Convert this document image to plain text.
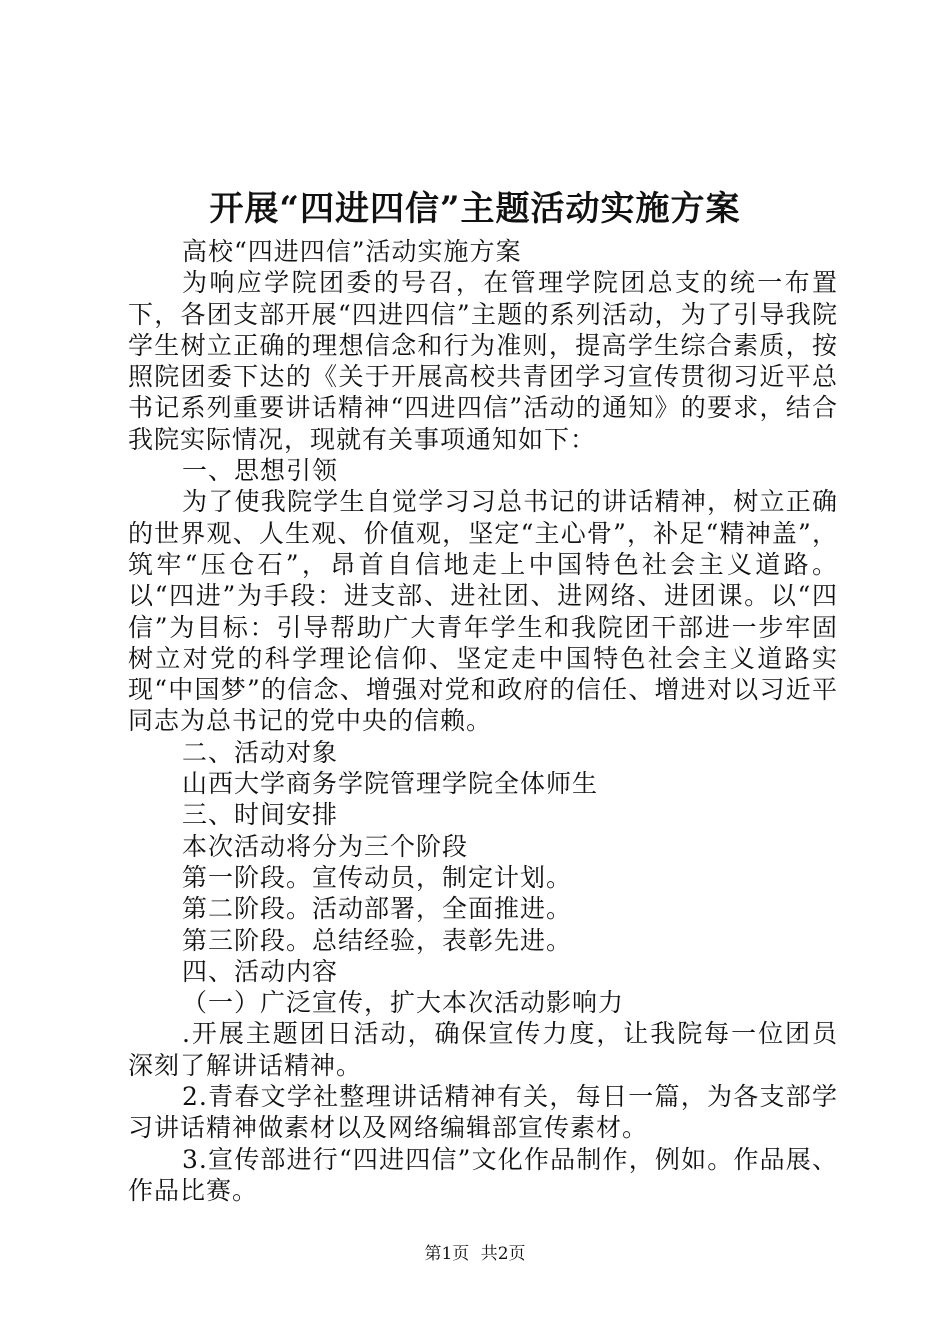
开展“四进四信”主题活动实施方案

高校“四进四信”活动实施方案

为响应学院团委的号召，在管理学院团总支的统一布置下，各团支部开展“四进四信”主题的系列活动，为了引导我院学生树立正确的理想信念和行为准则，提高学生综合素质，按照院团委下达的《关于开展高校共青团学习宣传贯彻习近平总书记系列重要讲话精神“四进四信”活动的通知》的要求，结合我院实际情况，现就有关事项通知如下：

一、思想引领

为了使我院学生自觉学习习总书记的讲话精神，树立正确的世界观、人生观、价值观，坚定“主心骨”，补足“精神盖”，筑牢“压仓石”，昂首自信地走上中国特色社会主义道路。以“四进”为手段：进支部、进社团、进网络、进团课。以“四信”为目标：引导帮助广大青年学生和我院团干部进一步牢固树立对党的科学理论信仰、坚定走中国特色社会主义道路实现“中国梦”的信念、增强对党和政府的信任、增进对以习近平同志为总书记的党中央的信赖。

二、活动对象

山西大学商务学院管理学院全体师生

三、时间安排

本次活动将分为三个阶段

第一阶段。宣传动员，制定计划。

第二阶段。活动部署，全面推进。

第三阶段。总结经验，表彰先进。

四、活动内容

（一）广泛宣传，扩大本次活动影响力

.开展主题团日活动，确保宣传力度，让我院每一位团员深刻了解讲话精神。

2.青春文学社整理讲话精神有关，每日一篇，为各支部学习讲话精神做素材以及网络编辑部宣传素材。

3.宣传部进行“四进四信”文化作品制作，例如。作品展、作品比赛。

第1页 共2页
